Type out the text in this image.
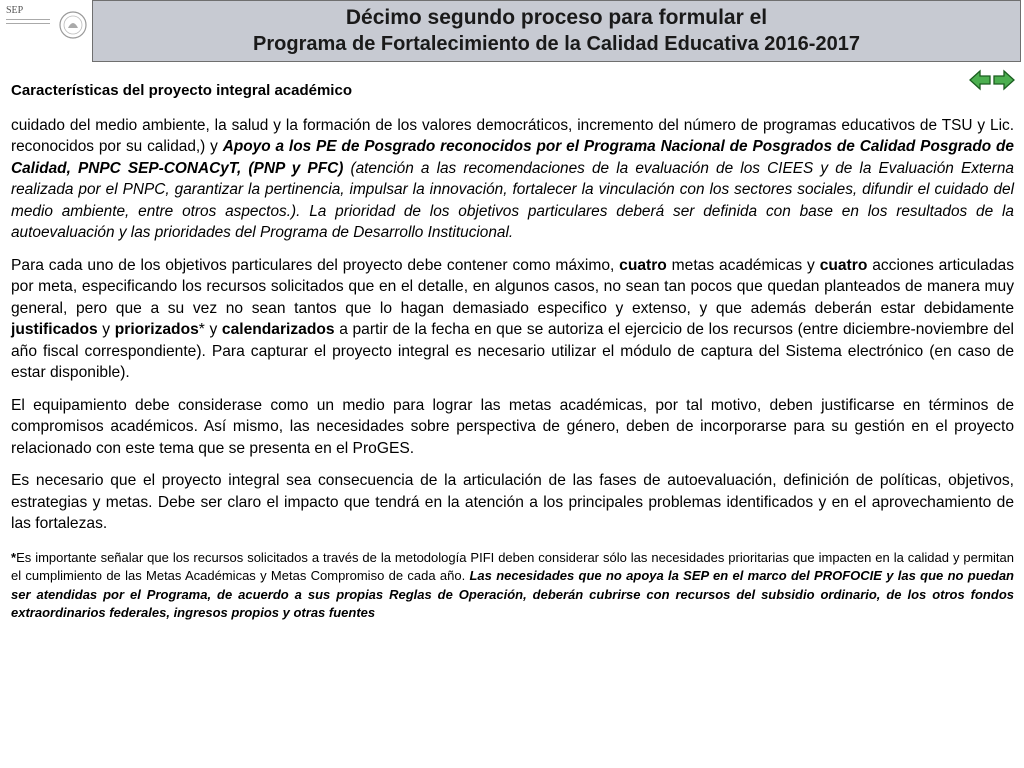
SEP	Décimo segundo proceso para formular el
Programa de Fortalecimiento de la Calidad Educativa 2016-2017
Características del proyecto integral académico

cuidado del medio ambiente, la salud y la formación de los valores democráticos, incremento del número de programas educativos de TSU y Lic. reconocidos por su calidad,) y Apoyo a los PE de Posgrado reconocidos por el Programa Nacional de Posgrados de Calidad Posgrado de Calidad, PNPC SEP-CONACyT, (PNP y PFC) (atención a las recomendaciones de la evaluación de los CIEES y de la Evaluación Externa realizada por el PNPC, garantizar la pertinencia, impulsar la innovación, fortalecer la vinculación con los sectores sociales, difundir el cuidado del medio ambiente, entre otros aspectos.). La prioridad de los objetivos particulares deberá ser definida con base en los resultados de la autoevaluación y las prioridades del Programa de Desarrollo Institucional.

Para cada uno de los objetivos particulares del proyecto debe contener como máximo, cuatro metas académicas y cuatro acciones articuladas por meta, especificando los recursos solicitados que en el detalle, en algunos casos, no sean tan pocos que quedan planteados de manera muy general, pero que a su vez no sean tantos que lo hagan demasiado especifico y extenso, y que además deberán estar debidamente justificados y priorizados* y calendarizados a partir de la fecha en que se autoriza el ejercicio de los recursos (entre diciembre-noviembre del año fiscal correspondiente). Para capturar el proyecto integral es necesario utilizar el módulo de captura del Sistema electrónico (en caso de estar disponible).

El equipamiento debe considerase como un medio para lograr las metas académicas, por tal motivo, deben justificarse en términos de compromisos académicos. Así mismo, las necesidades sobre perspectiva de género, deben de incorporarse para su gestión en el proyecto relacionado con este tema que se presenta en el ProGES.

Es necesario que el proyecto integral sea consecuencia de la articulación de las fases de autoevaluación, definición de políticas, objetivos, estrategias y metas. Debe ser claro el impacto que tendrá en la atención a los principales problemas identificados y en el aprovechamiento de las fortalezas.

*Es importante señalar que los recursos solicitados a través de la metodología PIFI deben considerar sólo las necesidades prioritarias que impacten en la calidad y permitan el cumplimiento de las Metas Académicas y Metas Compromiso de cada año. Las necesidades que no apoya la SEP en el marco del PROFOCIE y las que no puedan ser atendidas por el Programa, de acuerdo a sus propias Reglas de Operación, deberán cubrirse con recursos del subsidio ordinario, de los otros fondos extraordinarios federales, ingresos propios y otras fuentes
